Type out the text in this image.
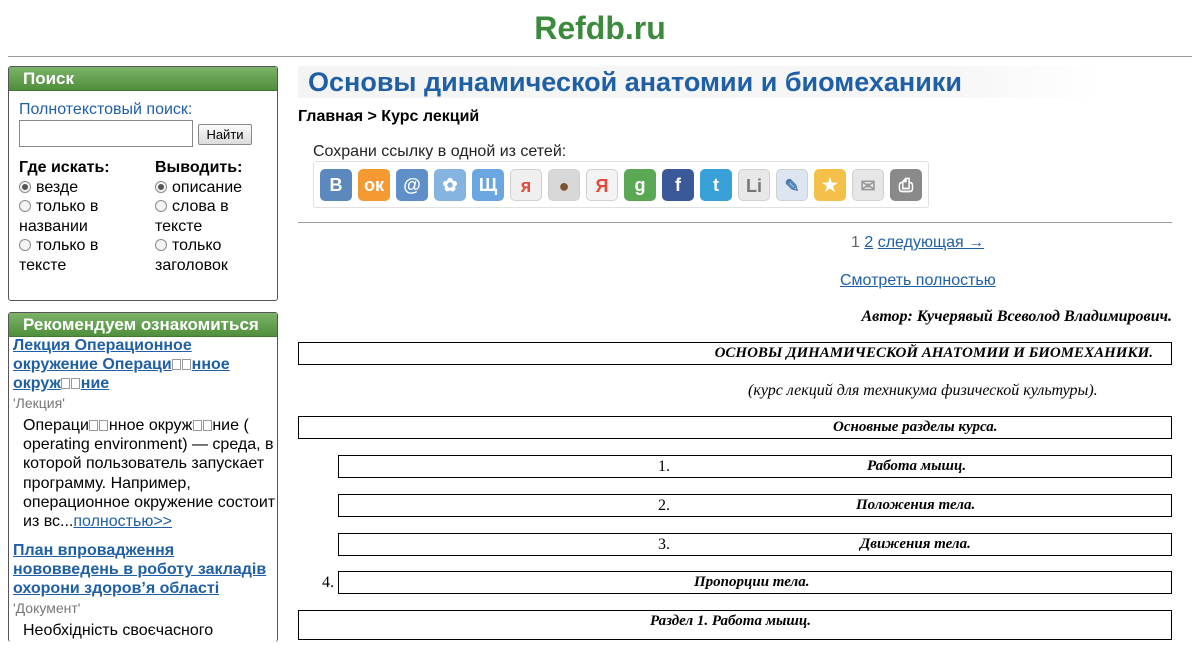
Refdb.ru
Поиск
Полнотекстовый поиск:
Найти
Где искать:
везде
только в названии
только в тексте
Выводить:
описание
слова в тексте
только заголовок
Рекомендуем ознакомиться
Лекция Операционное окружение Операци нное окруж ние
'Лекция'
Операци нное окруж ние ( operating environment) — среда, в которой пользователь запускает программу. Например, операционное окружение состоит из вс...полностью>>
План впровадження нововведень в роботу закладів охорони здоров’я області
'Документ'
Необхідність своєчасного
Основы динамической анатомии и биомеханики
Главная > Курс лекций
Сохрани ссылку в одной из сетей:
B	ок	@	✿	Щ	я	●	Я	g	f	t	Li	✎	★	✉	⎙
1 2 следующая →
Смотреть полностью
Автор: Кучерявый Всеволод Владимирович.
ОСНОВЫ ДИНАМИЧЕСКОЙ АНАТОМИИ И БИОМЕХАНИКИ.
(курс лекций для техникума физической культуры).
Основные разделы курса.
1.	Работа мышц.
2.	Положения тела.
3.	Движения тела.
4.	Пропорции тела.
Раздел 1. Работа мышц.
